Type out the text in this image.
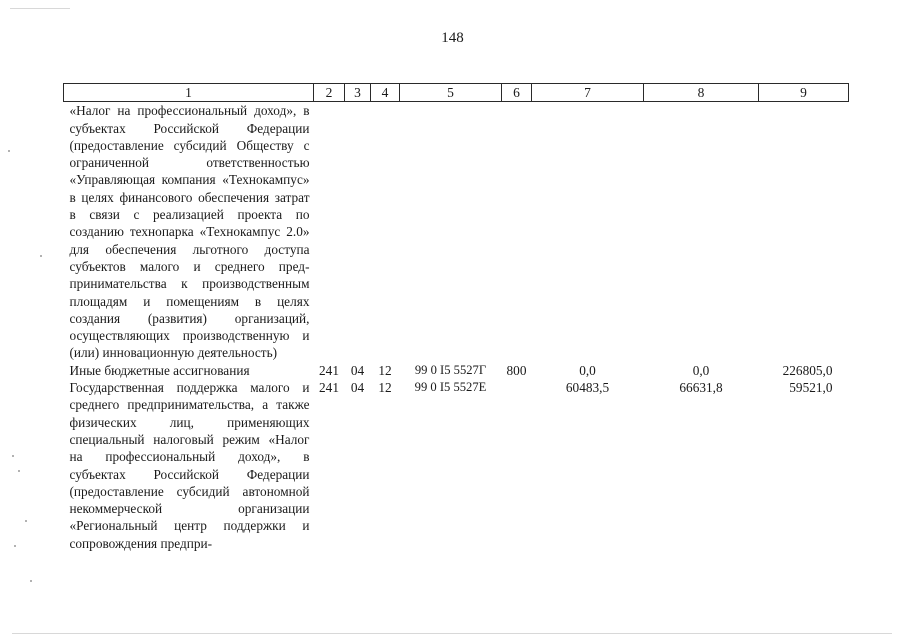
148
1	2	3	4	5	6	7	8	9
«Налог на профессиональный доход», в субъектах Российской Федерации (предоставление субсидий Обществу с ограниченной ответственностью «Управляющая компания «Технокампус» в целях финансового обеспечения затрат в связи с реализацией проекта по созданию технопарка «Технокампус 2.0» для обеспечения льготного доступа субъектов малого и среднего предпринимательства к производственным площадям и помещениям в целях создания (развития) организаций, осуществляющих производственную и (или) инновационную деятельность)								
Иные бюджетные ассигнования	241	04	12	99 0 I5 5527Г	800	0,0	0,0	226805,0
Государственная поддержка малого и среднего предпринимательства, а также физических лиц, применяющих специальный налоговый режим «Налог на профессиональный доход», в субъектах Российской Федерации (предоставление субсидий автономной некоммерческой организации «Региональный центр поддержки и сопровождения предпри-	241	04	12	99 0 I5 5527Е		60483,5	66631,8	59521,0
